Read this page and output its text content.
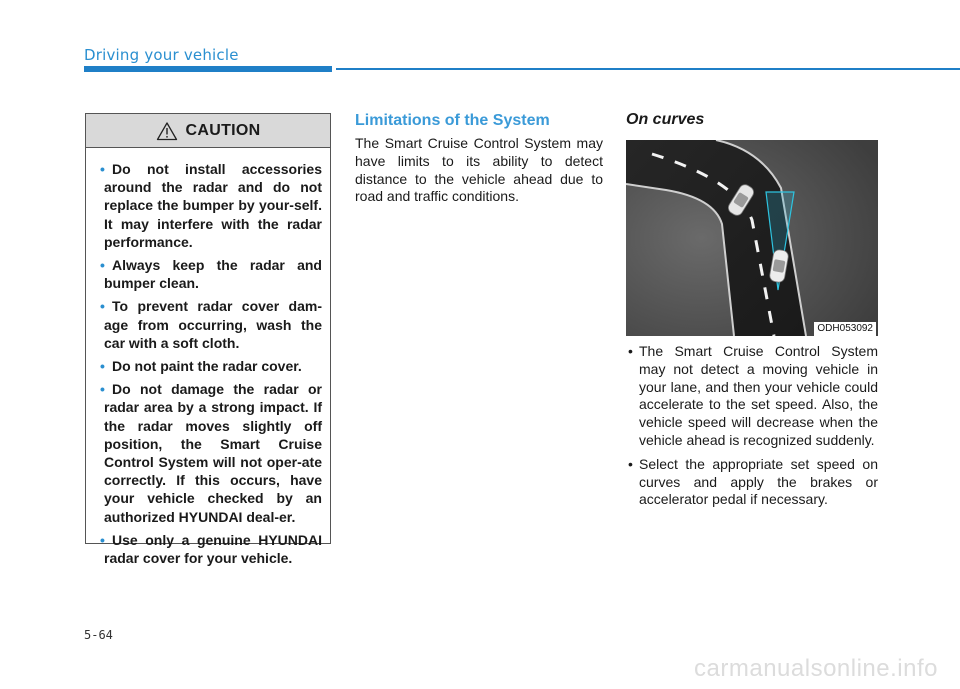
Driving your vehicle
CAUTION
• Do not install accessories around the radar and do not replace the bumper by your-self. It may interfere with the radar performance.
• Always keep the radar and bumper clean.
• To prevent radar cover dam-age from occurring, wash the car with a soft cloth.
• Do not paint the radar cover.
• Do not damage the radar or radar area by a strong impact. If the radar moves slightly off position, the Smart Cruise Control System will not oper-ate correctly. If this occurs, have your vehicle checked by an authorized HYUNDAI deal-er.
• Use only a genuine HYUNDAI radar cover for your vehicle.
Limitations of the System
The Smart Cruise Control System may have limits to its ability to detect distance to the vehicle ahead due to road and traffic conditions.
On curves
ODH053092
• The Smart Cruise Control System may not detect a moving vehicle in your lane, and then your vehicle could accelerate to the set speed. Also, the vehicle speed will decrease when the vehicle ahead is recognized suddenly.
• Select the appropriate set speed on curves and apply the brakes or accelerator pedal if necessary.
5-64
carmanualsonline.info
